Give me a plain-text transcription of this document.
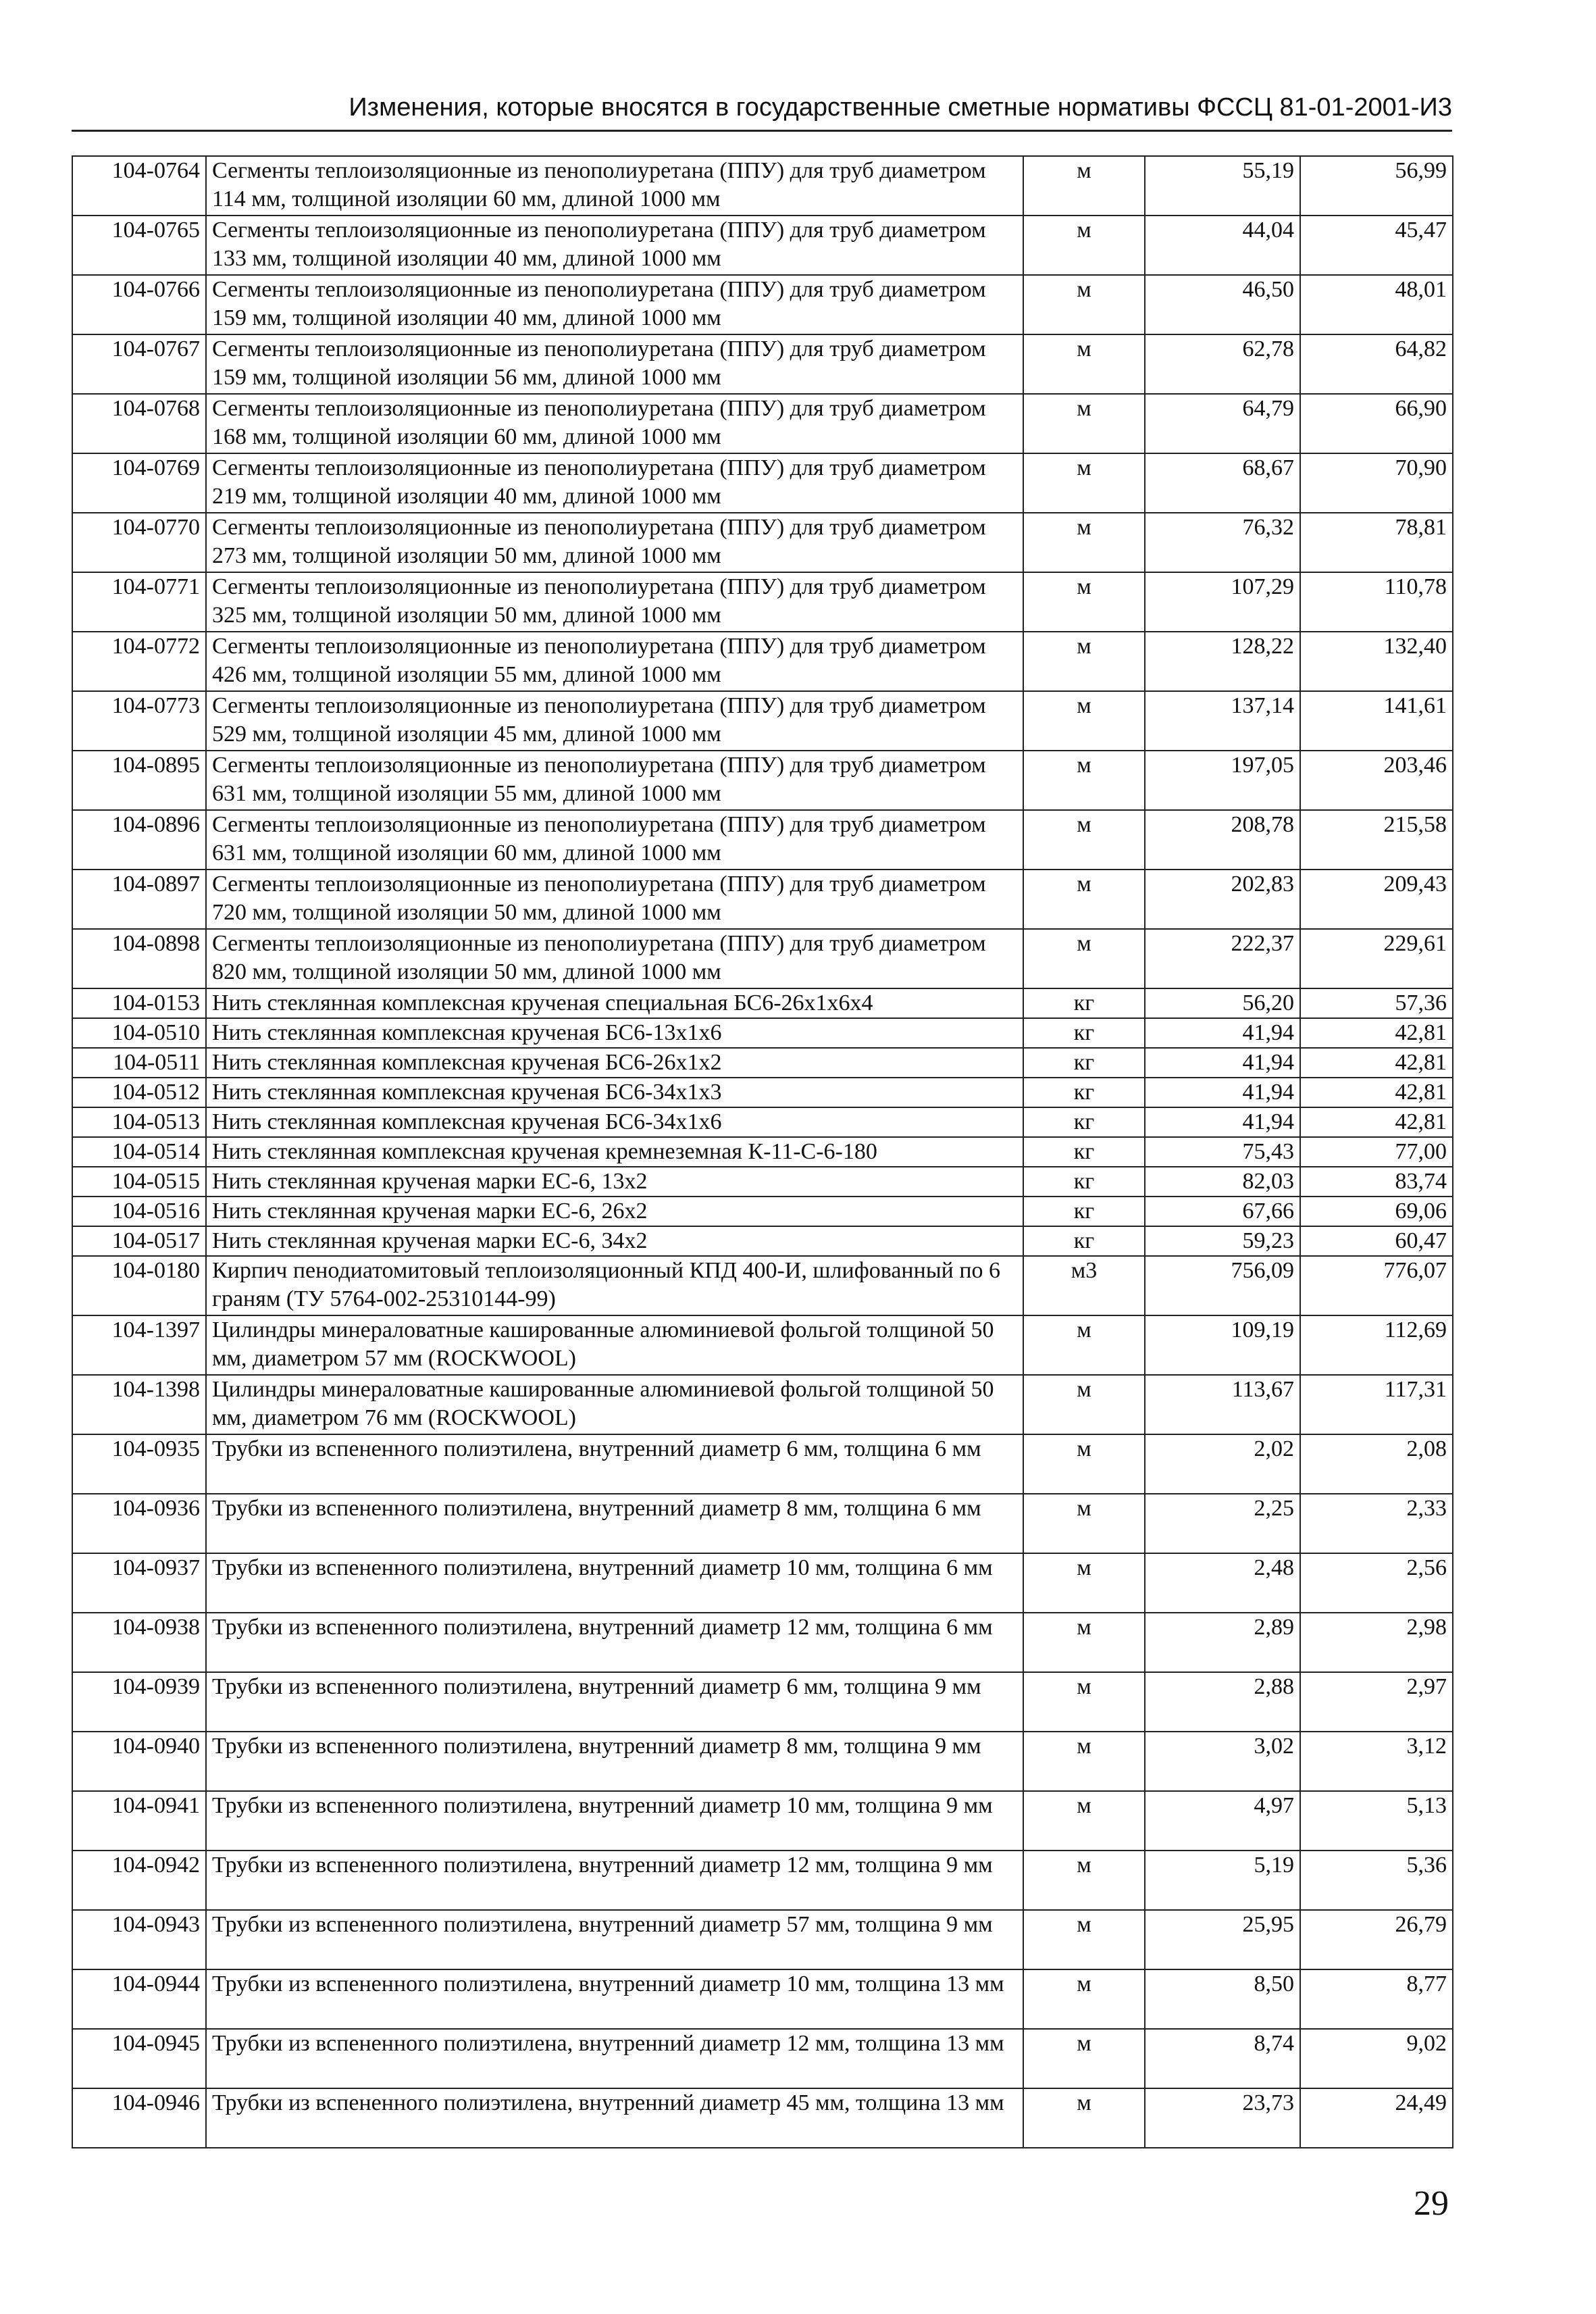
Изменения, которые вносятся в государственные сметные нормативы ФССЦ 81-01-2001-И3
104-0764	Сегменты теплоизоляционные из пенополиуретана (ППУ) для труб диаметром 114 мм, толщиной изоляции 60 мм, длиной 1000 мм	м	55,19	56,99
104-0765	Сегменты теплоизоляционные из пенополиуретана (ППУ) для труб диаметром 133 мм, толщиной изоляции 40 мм, длиной 1000 мм	м	44,04	45,47
104-0766	Сегменты теплоизоляционные из пенополиуретана (ППУ) для труб диаметром 159 мм, толщиной изоляции 40 мм, длиной 1000 мм	м	46,50	48,01
104-0767	Сегменты теплоизоляционные из пенополиуретана (ППУ) для труб диаметром 159 мм, толщиной изоляции 56 мм, длиной 1000 мм	м	62,78	64,82
104-0768	Сегменты теплоизоляционные из пенополиуретана (ППУ) для труб диаметром 168 мм, толщиной изоляции 60 мм, длиной 1000 мм	м	64,79	66,90
104-0769	Сегменты теплоизоляционные из пенополиуретана (ППУ) для труб диаметром 219 мм, толщиной изоляции 40 мм, длиной 1000 мм	м	68,67	70,90
104-0770	Сегменты теплоизоляционные из пенополиуретана (ППУ) для труб диаметром 273 мм, толщиной изоляции 50 мм, длиной 1000 мм	м	76,32	78,81
104-0771	Сегменты теплоизоляционные из пенополиуретана (ППУ) для труб диаметром 325 мм, толщиной изоляции 50 мм, длиной 1000 мм	м	107,29	110,78
104-0772	Сегменты теплоизоляционные из пенополиуретана (ППУ) для труб диаметром 426 мм, толщиной изоляции 55 мм, длиной 1000 мм	м	128,22	132,40
104-0773	Сегменты теплоизоляционные из пенополиуретана (ППУ) для труб диаметром 529 мм, толщиной изоляции 45 мм, длиной 1000 мм	м	137,14	141,61
104-0895	Сегменты теплоизоляционные из пенополиуретана (ППУ) для труб диаметром 631 мм, толщиной изоляции 55 мм, длиной 1000 мм	м	197,05	203,46
104-0896	Сегменты теплоизоляционные из пенополиуретана (ППУ) для труб диаметром 631 мм, толщиной изоляции 60 мм, длиной 1000 мм	м	208,78	215,58
104-0897	Сегменты теплоизоляционные из пенополиуретана (ППУ) для труб диаметром 720 мм, толщиной изоляции 50 мм, длиной 1000 мм	м	202,83	209,43
104-0898	Сегменты теплоизоляционные из пенополиуретана (ППУ) для труб диаметром 820 мм, толщиной изоляции 50 мм, длиной 1000 мм	м	222,37	229,61
104-0153	Нить стеклянная комплексная крученая специальная БС6-26х1х6х4	кг	56,20	57,36
104-0510	Нить стеклянная комплексная крученая БС6-13х1х6	кг	41,94	42,81
104-0511	Нить стеклянная комплексная крученая БС6-26х1х2	кг	41,94	42,81
104-0512	Нить стеклянная комплексная крученая БС6-34х1х3	кг	41,94	42,81
104-0513	Нить стеклянная комплексная крученая БС6-34х1х6	кг	41,94	42,81
104-0514	Нить стеклянная комплексная крученая кремнеземная К-11-С-6-180	кг	75,43	77,00
104-0515	Нить стеклянная крученая марки ЕС-6, 13х2	кг	82,03	83,74
104-0516	Нить стеклянная крученая марки ЕС-6, 26х2	кг	67,66	69,06
104-0517	Нить стеклянная крученая марки ЕС-6, 34х2	кг	59,23	60,47
104-0180	Кирпич пенодиатомитовый теплоизоляционный КПД 400-И, шлифованный по 6 граням (ТУ 5764-002-25310144-99)	м3	756,09	776,07
104-1397	Цилиндры минераловатные кашированные алюминиевой фольгой толщиной 50 мм, диаметром 57 мм (ROCKWOOL)	м	109,19	112,69
104-1398	Цилиндры минераловатные кашированные алюминиевой фольгой толщиной 50 мм, диаметром 76 мм (ROCKWOOL)	м	113,67	117,31
104-0935	Трубки из вспененного полиэтилена, внутренний диаметр 6 мм, толщина 6 мм	м	2,02	2,08
104-0936	Трубки из вспененного полиэтилена, внутренний диаметр 8 мм, толщина 6 мм	м	2,25	2,33
104-0937	Трубки из вспененного полиэтилена, внутренний диаметр 10 мм, толщина 6 мм	м	2,48	2,56
104-0938	Трубки из вспененного полиэтилена, внутренний диаметр 12 мм, толщина 6 мм	м	2,89	2,98
104-0939	Трубки из вспененного полиэтилена, внутренний диаметр 6 мм, толщина 9 мм	м	2,88	2,97
104-0940	Трубки из вспененного полиэтилена, внутренний диаметр 8 мм, толщина 9 мм	м	3,02	3,12
104-0941	Трубки из вспененного полиэтилена, внутренний диаметр 10 мм, толщина 9 мм	м	4,97	5,13
104-0942	Трубки из вспененного полиэтилена, внутренний диаметр 12 мм, толщина 9 мм	м	5,19	5,36
104-0943	Трубки из вспененного полиэтилена, внутренний диаметр 57 мм, толщина 9 мм	м	25,95	26,79
104-0944	Трубки из вспененного полиэтилена, внутренний диаметр 10 мм, толщина 13 мм	м	8,50	8,77
104-0945	Трубки из вспененного полиэтилена, внутренний диаметр 12 мм, толщина 13 мм	м	8,74	9,02
104-0946	Трубки из вспененного полиэтилена, внутренний диаметр 45 мм, толщина 13 мм	м	23,73	24,49
29
